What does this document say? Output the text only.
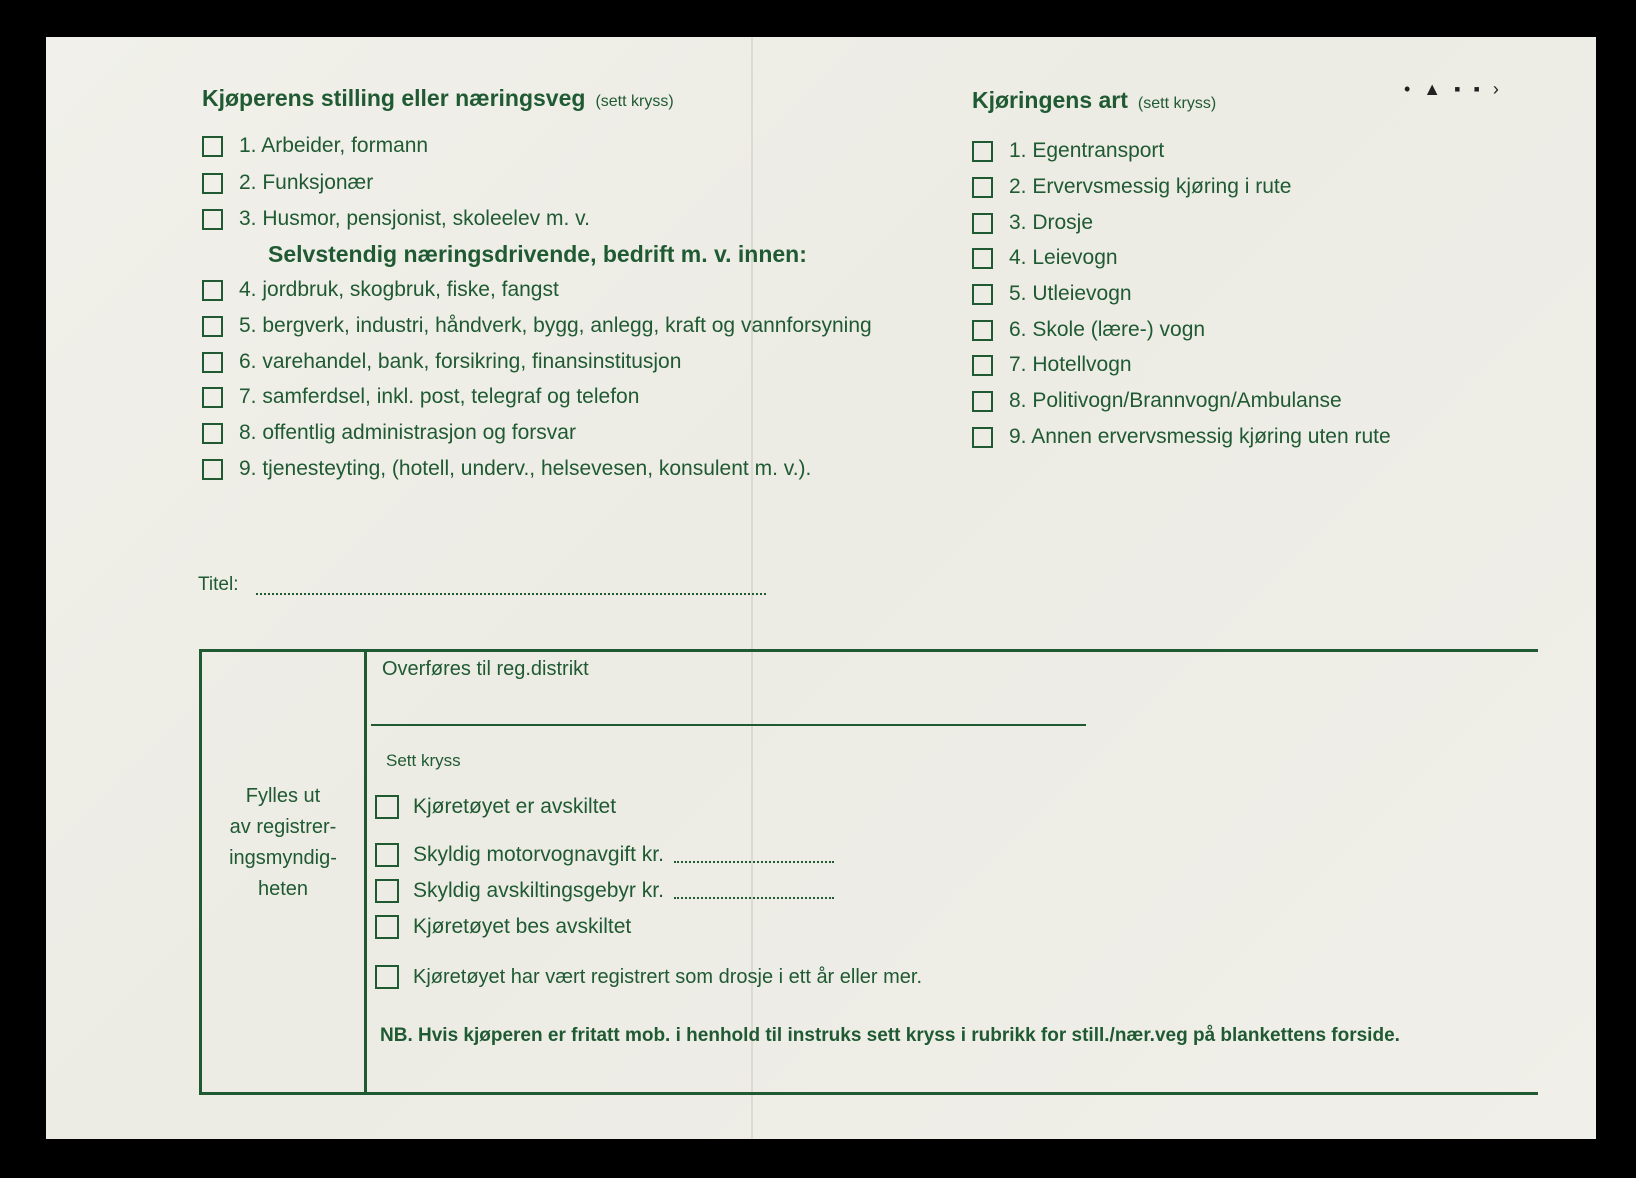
• ▲ ▪ ▪ ›
Kjøperens stilling eller næringsveg (sett kryss)
1. Arbeider, formann
2. Funksjonær
3. Husmor, pensjonist, skoleelev m. v.
Selvstendig næringsdrivende, bedrift m. v. innen:
4. jordbruk, skogbruk, fiske, fangst
5. bergverk, industri, håndverk, bygg, anlegg, kraft og vannforsyning
6. varehandel, bank, forsikring, finansinstitusjon
7. samferdsel, inkl. post, telegraf og telefon
8. offentlig administrasjon og forsvar
9. tjenesteyting, (hotell, underv., helsevesen, konsulent m. v.).
Kjøringens art (sett kryss)
1. Egentransport
2. Ervervsmessig kjøring i rute
3. Drosje
4. Leievogn
5. Utleievogn
6. Skole (lære-) vogn
7. Hotellvogn
8. Politivogn/Brannvogn/Ambulanse
9. Annen ervervsmessig kjøring uten rute
Titel:
Fylles ut
av registrer-
ingsmyndig-
heten
Overføres til reg.distrikt
Sett kryss
Kjøretøyet er avskiltet
Skyldig motorvognavgift kr.
Skyldig avskiltingsgebyr kr.
Kjøretøyet bes avskiltet
Kjøretøyet har vært registrert som drosje i ett år eller mer.
NB. Hvis kjøperen er fritatt mob. i henhold til instruks sett kryss i rubrikk for still./nær.veg på blankettens forside.
